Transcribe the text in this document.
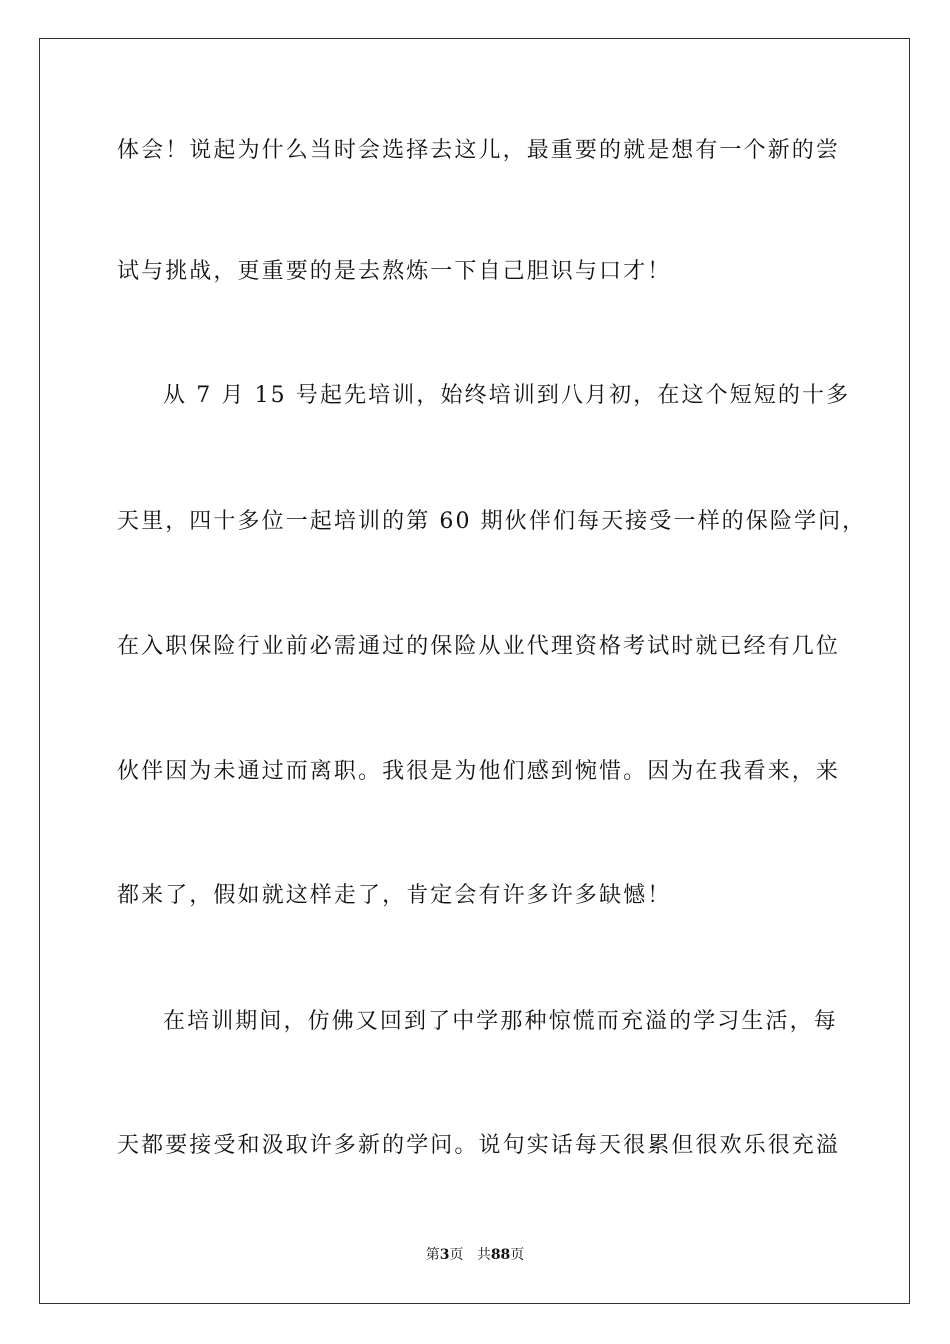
体会！说起为什么当时会选择去这儿，最重要的就是想有一个新的尝
试与挑战，更重要的是去熬炼一下自己胆识与口才！
从 7 月 15 号起先培训，始终培训到八月初，在这个短短的十多
天里，四十多位一起培训的第 60 期伙伴们每天接受一样的保险学问，
在入职保险行业前必需通过的保险从业代理资格考试时就已经有几位
伙伴因为未通过而离职。我很是为他们感到惋惜。因为在我看来，来
都来了，假如就这样走了，肯定会有许多许多缺憾！
在培训期间，仿佛又回到了中学那种惊慌而充溢的学习生活，每
天都要接受和汲取许多新的学问。说句实话每天很累但很欢乐很充溢
第3页 共88页
